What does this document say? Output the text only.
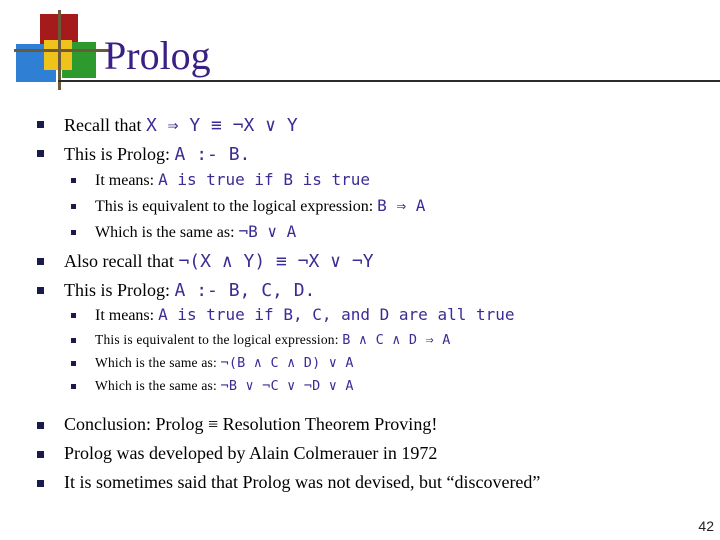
Prolog
Recall that X ⇒ Y ≡ ¬X ∨ Y
This is Prolog: A :- B.
It means: A is true if B is true
This is equivalent to the logical expression: B ⇒ A
Which is the same as: ¬B ∨ A
Also recall that ¬(X ∧ Y) ≡ ¬X ∨ ¬Y
This is Prolog: A :- B, C, D.
It means: A is true if B, C, and D are all true
This is equivalent to the logical expression: B ∧ C ∧ D ⇒ A
Which is the same as: ¬(B ∧ C ∧ D) ∨ A
Which is the same as: ¬B ∨ ¬C ∨ ¬D ∨ A
Conclusion: Prolog ≡ Resolution Theorem Proving!
Prolog was developed by Alain Colmerauer in 1972
It is sometimes said that Prolog was not devised, but “discovered”
42
